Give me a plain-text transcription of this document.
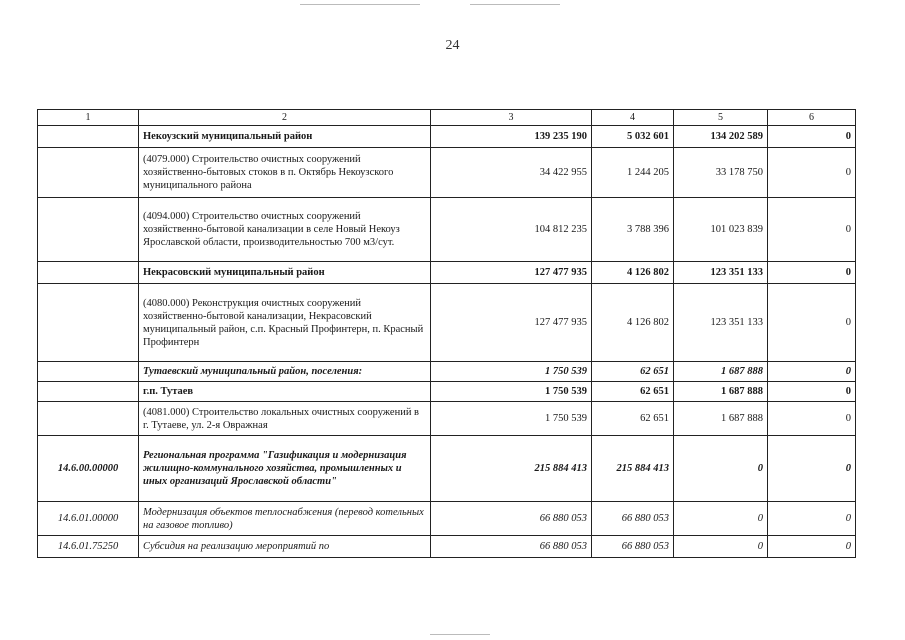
24
1	2	3	4	5	6
	Некоузский муниципальный район	139 235 190	5 032 601	134 202 589	0
	(4079.000) Строительство очистных сооружений хозяйственно-бытовых стоков в п. Октябрь Некоузского муниципального района	34 422 955	1 244 205	33 178 750	0
	(4094.000) Строительство очистных сооружений хозяйственно-бытовой канализации в селе Новый Некоуз Ярославской области, производительностью 700 м3/сут.	104 812 235	3 788 396	101 023 839	0
	Некрасовский муниципальный район	127 477 935	4 126 802	123 351 133	0
	(4080.000) Реконструкция очистных сооружений хозяйственно-бытовой канализации, Некрасовский муниципальный район, с.п. Красный Профинтерн, п. Красный Профинтерн	127 477 935	4 126 802	123 351 133	0
	Тутаевский муниципальный район, поселения:	1 750 539	62 651	1 687 888	0
	г.п. Тутаев	1 750 539	62 651	1 687 888	0
	(4081.000) Строительство локальных очистных сооружений в г. Тутаеве, ул. 2-я Овражная	1 750 539	62 651	1 687 888	0
14.6.00.00000	Региональная программа "Газификация и модернизация жилищно-коммунального хозяйства, промышленных и иных организаций Ярославской области"	215 884 413	215 884 413	0	0
14.6.01.00000	Модернизация объектов теплоснабжения (перевод котельных на газовое топливо)	66 880 053	66 880 053	0	0
14.6.01.75250	Субсидия на реализацию мероприятий по	66 880 053	66 880 053	0	0
